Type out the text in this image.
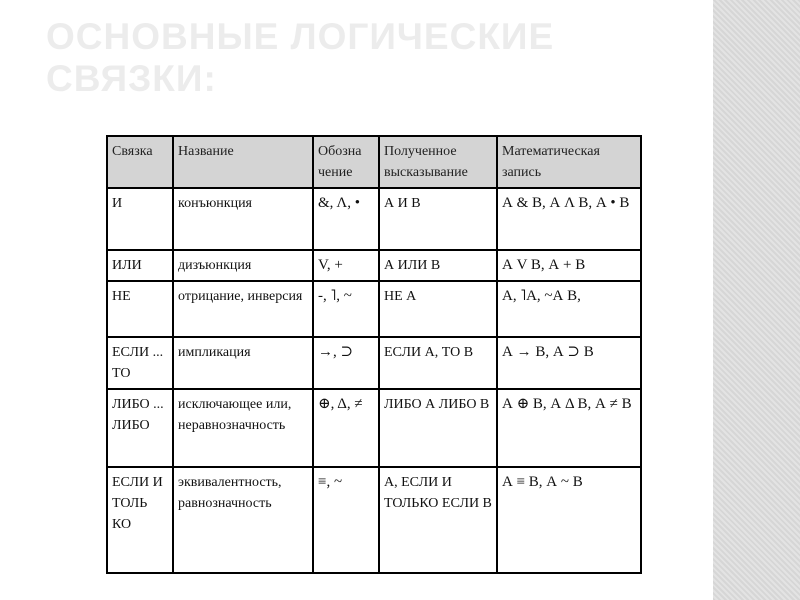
ОСНОВНЫЕ ЛОГИЧЕСКИЕ СВЯЗКИ:
Связка	Название	Обозна чение	Полученное высказывание	Математическая запись
И	конъюнкция	&, Λ, •	А И В	А & В, А Λ В, А • В
ИЛИ	дизъюнкция	V, +	А ИЛИ В	А V В, А + В
НЕ	отрицание, инверсия	-, ˥, ~	НЕ А	А, ˥А, ~А В,
ЕСЛИ ... ТО	импликация	→, ⊃	ЕСЛИ А, ТО В	А → В, А ⊃ В
ЛИБО ... ЛИБО	исключающее или, неравнозначность	⊕, Δ, ≠	ЛИБО А ЛИБО В	А ⊕ В, А Δ В, А ≠ В
ЕСЛИ И ТОЛЬ КО	эквивалентность, равнозначность	≡, ~	А, ЕСЛИ И ТОЛЬКО ЕСЛИ В	А ≡ В, А ~ В
